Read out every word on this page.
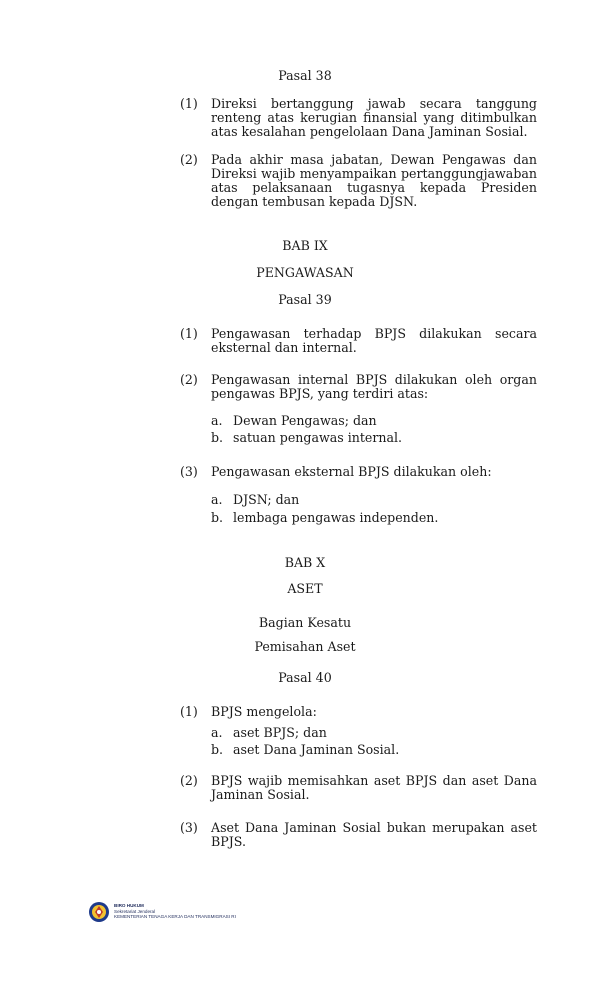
Pasal 38
(1)	Direksi bertanggung jawab secara tanggung renteng atas kerugian finansial yang ditimbulkan atas kesalahan pengelolaan Dana Jaminan Sosial.
(2)	Pada akhir masa jabatan, Dewan Pengawas dan Direksi wajib menyampaikan pertanggungjawaban atas pelaksanaan tugasnya kepada Presiden dengan tembusan kepada DJSN.
BAB IX
PENGAWASAN
Pasal 39
(1)	Pengawasan terhadap BPJS dilakukan secara eksternal dan internal.
(2)	Pengawasan internal BPJS dilakukan oleh organ pengawas BPJS, yang terdiri atas:
a. Dewan Pengawas; dan
b. satuan pengawas internal.
(3)	Pengawasan eksternal BPJS dilakukan oleh:
a. DJSN; dan
b. lembaga pengawas independen.
BAB X
ASET
Bagian Kesatu
Pemisahan Aset
Pasal 40
(1)	BPJS mengelola:
a. aset BPJS; dan
b. aset Dana Jaminan Sosial.
(2)	BPJS wajib memisahkan aset BPJS dan aset Dana Jaminan Sosial.
(3)	Aset Dana Jaminan Sosial bukan merupakan aset BPJS.
BIRO HUKUM
Sekretariat Jenderal
KEMENTERIAN TENAGA KERJA DAN TRANSMIGRASI RI
